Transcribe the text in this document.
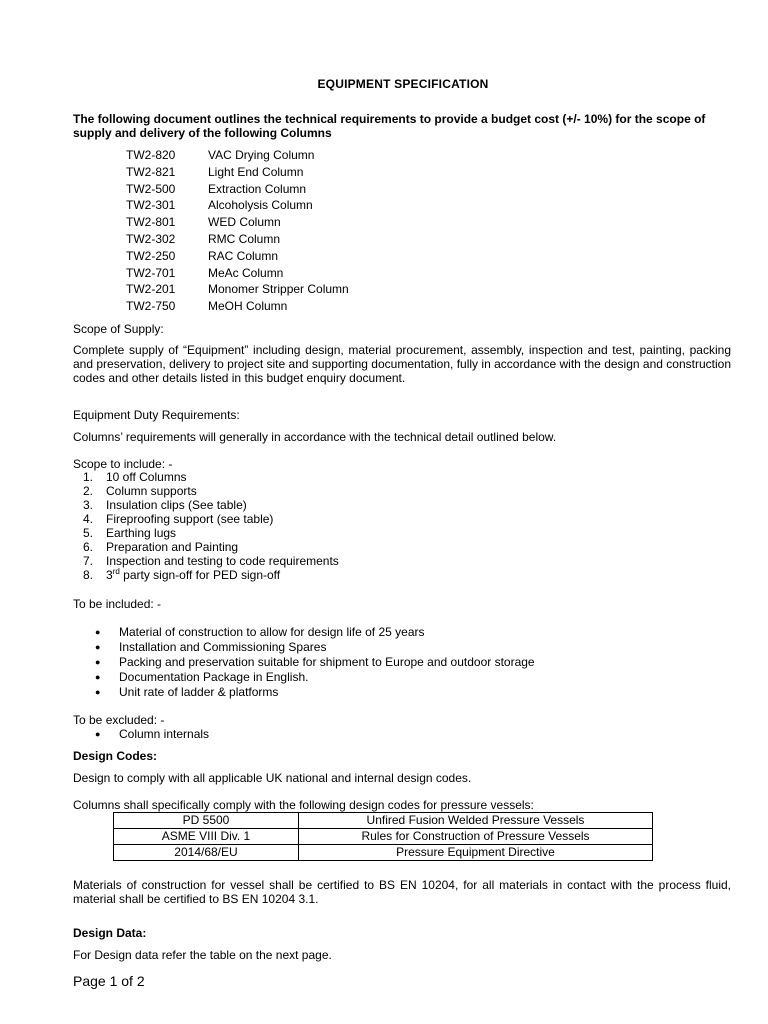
EQUIPMENT SPECIFICATION
The following document outlines the technical requirements to provide a budget cost (+/- 10%) for the scope of supply and delivery of the following Columns
TW2-820	VAC Drying Column
TW2-821	Light End Column
TW2-500	Extraction Column
TW2-301	Alcoholysis Column
TW2-801	WED Column
TW2-302	RMC Column
TW2-250	RAC Column
TW2-701	MeAc Column
TW2-201	Monomer Stripper Column
TW2-750	MeOH Column
Scope of Supply:
Complete supply of “Equipment” including design, material procurement, assembly, inspection and test, painting, packing and preservation, delivery to project site and supporting documentation, fully in accordance with the design and construction codes and other details listed in this budget enquiry document.
Equipment Duty Requirements:
Columns’ requirements will generally in accordance with the technical detail outlined below.
Scope to include: -
1.	10 off Columns
2.	Column supports
3.	Insulation clips (See table)
4.	Fireproofing support (see table)
5.	Earthing lugs
6.	Preparation and Painting
7.	Inspection and testing to code requirements
8.	3rd party sign-off for PED sign-off
To be included: -
●	Material of construction to allow for design life of 25 years
●	Installation and Commissioning Spares
●	Packing and preservation suitable for shipment to Europe and outdoor storage
●	Documentation Package in English.
●	Unit rate of ladder & platforms
To be excluded: -
●	Column internals
Design Codes:
Design to comply with all applicable UK national and internal design codes.
Columns shall specifically comply with the following design codes for pressure vessels:
PD 5500	Unfired Fusion Welded Pressure Vessels
ASME VIII Div. 1	Rules for Construction of Pressure Vessels
2014/68/EU	Pressure Equipment Directive
Materials of construction for vessel shall be certified to BS EN 10204, for all materials in contact with the process fluid, material shall be certified to BS EN 10204 3.1.
Design Data:
For Design data refer the table on the next page.
Page 1 of 2
